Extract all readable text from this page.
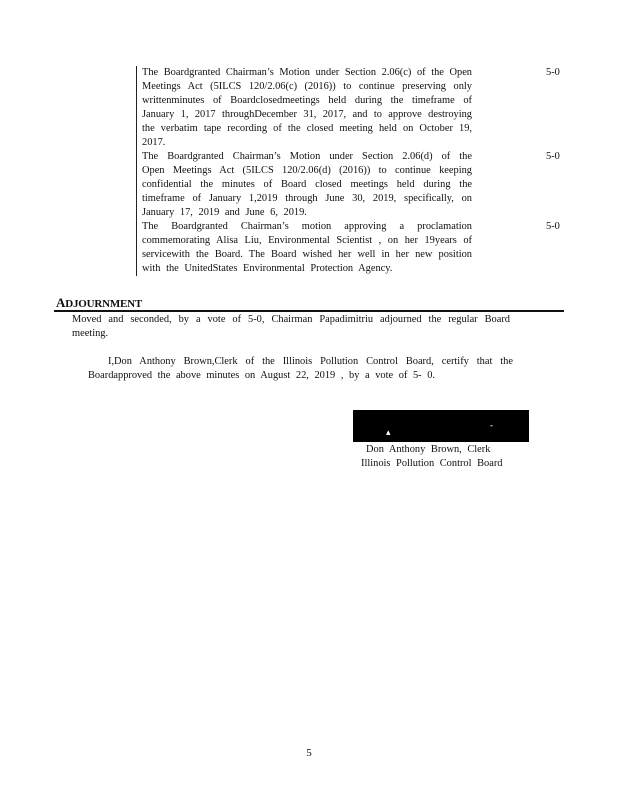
The Boardgranted Chairman’s Motion under Section 2.06(c) of the Open Meetings Act (5ILCS 120/2.06(c) (2016)) to continue preserving only writtenminutes of Boardclosedmeetings held during the timeframe of January 1, 2017 throughDecember 31, 2017, and to approve destroying the verbatim tape recording of the closed meeting held on October 19, 2017.
5-0
The Boardgranted Chairman’s Motion under Section 2.06(d) of the Open Meetings Act (5ILCS 120/2.06(d) (2016)) to continue keeping confidential the minutes of Board closed meetings held during the timeframe of January 1,2019 through June 30, 2019, specifically, on January 17, 2019 and June 6, 2019.
5-0
The Boardgranted Chairman’s motion approving a proclamation commemorating Alisa Liu, Environmental Scientist , on her 19years of servicewith the Board. The Board wished her well in her new position with the UnitedStates Environmental Protection Agency.
5-0
ADJOURNMENT
Moved and seconded, by a vote of 5-0, Chairman Papadimitriu adjourned the regular Board meeting.
I,Don Anthony Brown,Clerk of the Illinois Pollution Control Board, certify that the Boardapproved the above minutes on August 22, 2019 , by a vote of 5- 0.
▴
-
Don Anthony Brown, Clerk
Illinois Pollution Control Board
5
